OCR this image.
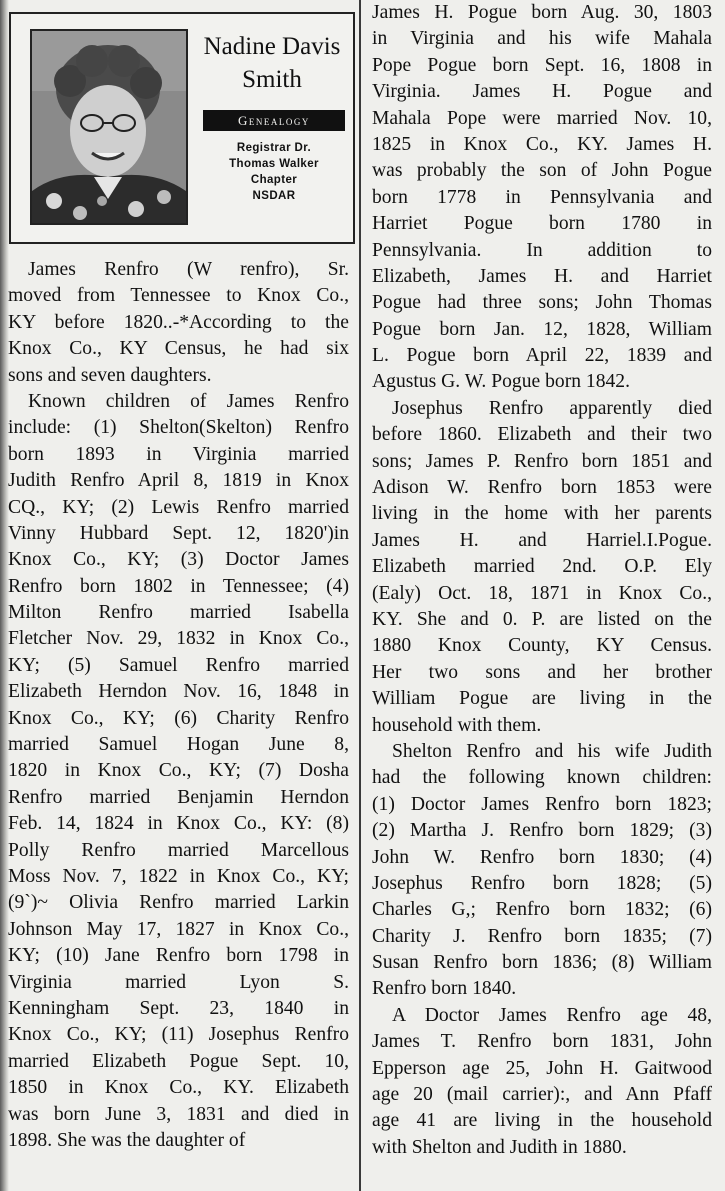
Nadine Davis Smith
Genealogy
Registrar Dr.
Thomas Walker
Chapter
NSDAR
James Renfro (W renfro), Sr.
moved from Tennessee to Knox Co.,
KY before 1820..-*According to the
Knox Co., KY Census, he had six
sons and seven daughters.
Known children of James Renfro
include: (1) Shelton(Skelton) Renfro
born 1893 in Virginia married
Judith Renfro April 8, 1819 in Knox
CQ., KY; (2) Lewis Renfro married
Vinny Hubbard Sept. 12, 1820')in
Knox Co., KY; (3) Doctor James
Renfro born 1802 in Tennessee; (4)
Milton Renfro married Isabella
Fletcher Nov. 29, 1832 in Knox Co.,
KY; (5) Samuel Renfro married
Elizabeth Herndon Nov. 16, 1848 in
Knox Co., KY; (6) Charity Renfro
married Samuel Hogan June 8,
1820 in Knox Co., KY; (7) Dosha
Renfro married Benjamin Herndon
Feb. 14, 1824 in Knox Co., KY: (8)
Polly Renfro married Marcellous
Moss Nov. 7, 1822 in Knox Co., KY;
(9`)~ Olivia Renfro married Larkin
Johnson May 17, 1827 in Knox Co.,
KY; (10) Jane Renfro born 1798 in
Virginia married Lyon S.
Kenningham Sept. 23, 1840 in
Knox Co., KY; (11) Josephus Renfro
married Elizabeth Pogue Sept. 10,
1850 in Knox Co., KY. Elizabeth
was born June 3, 1831 and died in
1898. She was the daughter of
James H. Pogue born Aug. 30, 1803
in Virginia and his wife Mahala
Pope Pogue born Sept. 16, 1808 in
Virginia. James H. Pogue and
Mahala Pope were married Nov. 10,
1825 in Knox Co., KY. James H.
was probably the son of John Pogue
born 1778 in Pennsylvania and
Harriet Pogue born 1780 in
Pennsylvania. In addition to
Elizabeth, James H. and Harriet
Pogue had three sons; John Thomas
Pogue born Jan. 12, 1828, William
L. Pogue born April 22, 1839 and
Agustus G. W. Pogue born 1842.
Josephus Renfro apparently died
before 1860. Elizabeth and their two
sons; James P. Renfro born 1851 and
Adison W. Renfro born 1853 were
living in the home with her parents
James H. and Harriel.I.Pogue.
Elizabeth married 2nd. O.P. Ely
(Ealy) Oct. 18, 1871 in Knox Co.,
KY. She and 0. P. are listed on the
1880 Knox County, KY Census.
Her two sons and her brother
William Pogue are living in the
household with them.
Shelton Renfro and his wife Judith
had the following known children:
(1) Doctor James Renfro born 1823;
(2) Martha J. Renfro born 1829; (3)
John W. Renfro born 1830; (4)
Josephus Renfro born 1828; (5)
Charles G,; Renfro born 1832; (6)
Charity J. Renfro born 1835; (7)
Susan Renfro born 1836; (8) William
Renfro born 1840.
A Doctor James Renfro age 48,
James T. Renfro born 1831, John
Epperson age 25, John H. Gaitwood
age 20 (mail carrier):, and Ann Pfaff
age 41 are living in the household
with Shelton and Judith in 1880.
